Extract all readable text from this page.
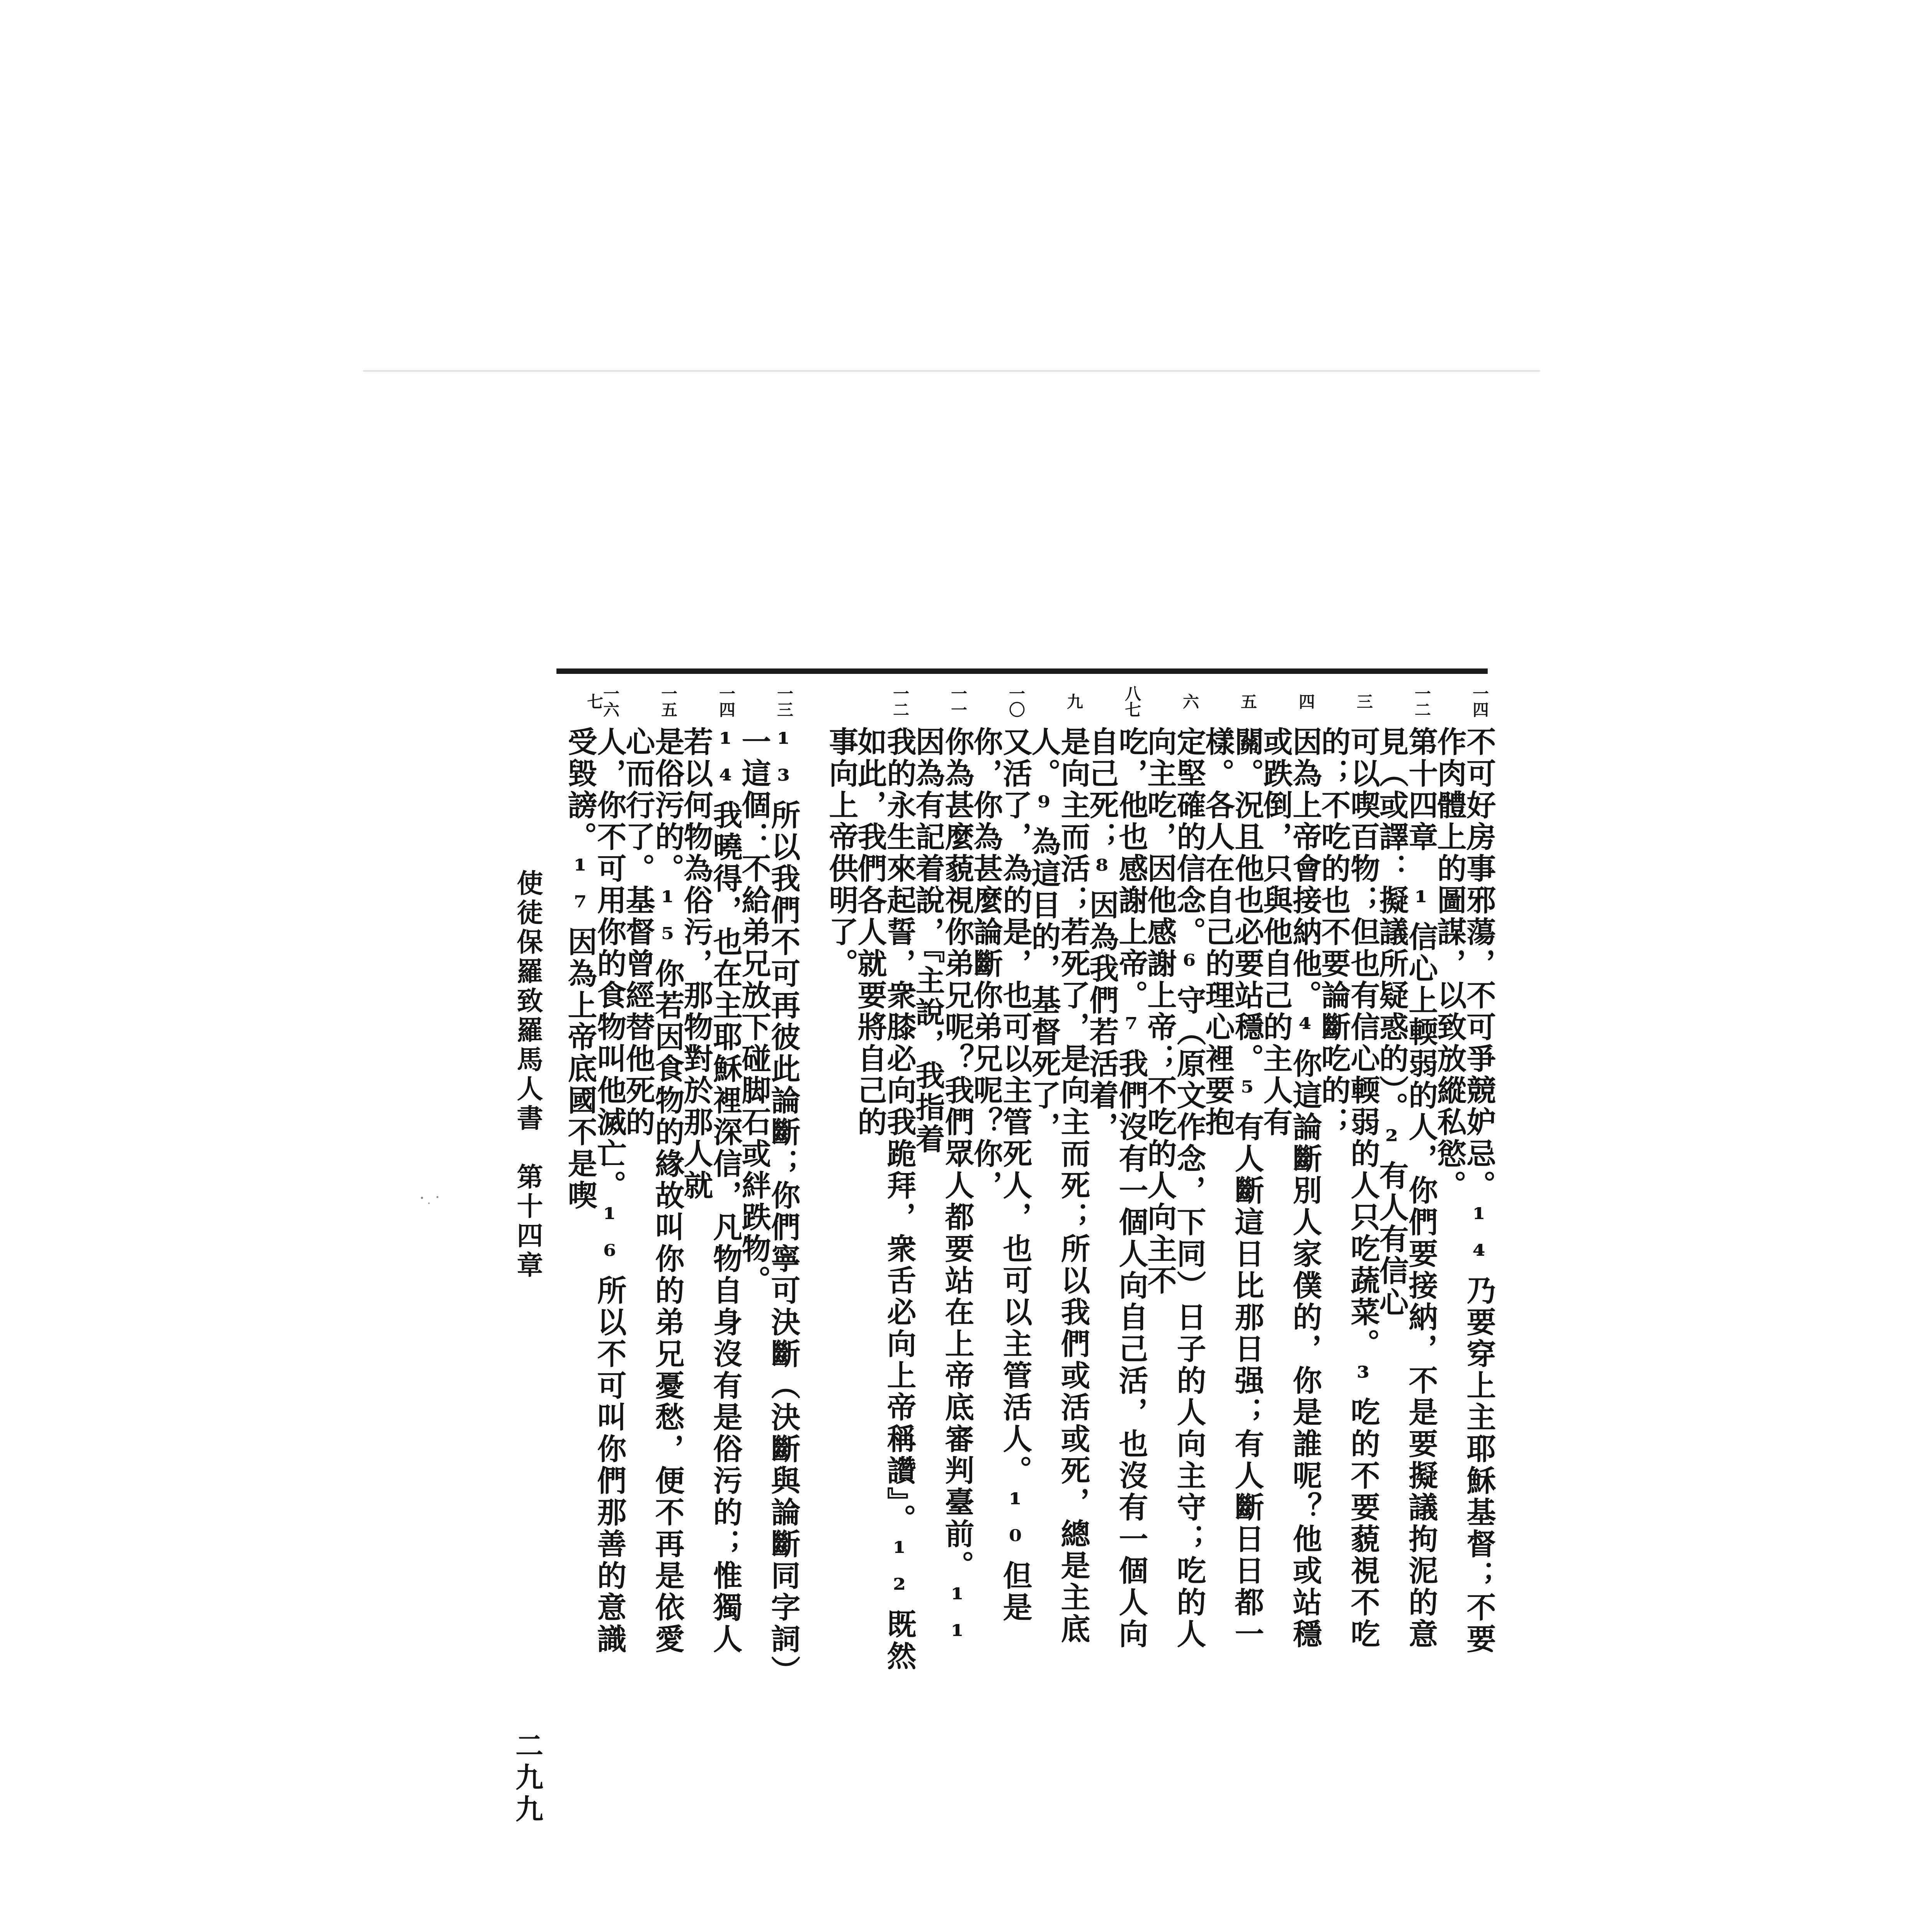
一四
不可好房事邪蕩，不可爭競妒忌。¹⁴乃要穿上主耶穌基督；不要作肉體上的圖謀，以致放縱私慾。
一二
第十四章　¹信心上輭弱的人，你們要接納，不是要擬議拘泥的意見（或譯：擬議所疑惑的）。²有人有信心
三
可以喫百物；但也有信心輭弱的人只吃蔬菜。³吃的不要藐視不吃的；不吃的也不要論斷吃的；
四
因為上帝會接納他。⁴你這論斷別人家僕的，你是誰呢？他或站穩或跌倒，只與他自己的主人有
五
關。況且他也必要站穩。⁵有人斷這日比那日强；有人斷日日都一樣。各人在自己的理心裡要抱
六
定堅確的信念。⁶守（原文作念，下同）日子的人向主守；吃的人向主吃，因他感謝上帝；不吃的人向主不
八七
吃，他也感謝上帝。⁷我們沒有一個人向自己活，也沒有一個人向自己死；⁸因為我們若活着，
九
是向主而活；若死了，是向主而死；所以我們或活或死，總是主底人。⁹為這目的，基督死了，
一〇
又活了，為的是，也可以主管死人，也可以主管活人。¹⁰但是你，你為甚麼論斷你弟兄呢？你，
一一
你為甚麼藐視你弟兄呢？我們眾人都要站在上帝底審判臺前。¹¹因為有記着說，『主說，我指着
一二
我的永生來起誓，衆膝必向我跪拜，衆舌必向上帝稱讚』。¹²既然如此，我們各人就要將自己的
事向上帝供明了。
一三
¹³所以我們不可再彼此論斷；你們寧可決斷（決斷與論斷同字詞）一這個：不給弟兄放下碰脚石或絆跌物。
一四
¹⁴我曉得，也在主耶穌裡深信，凡物自身沒有是俗污的；惟獨人若以何物為俗污，那物對於那人就
一五
是俗污的。¹⁵你若因食物的緣故叫你的弟兄憂愁，便不再是依愛心而行了。基督曾經替他死的
一六七
人，你不可用你的食物叫他滅亡。¹⁶所以不可叫你們那善的意識受毀謗。¹⁷因為上帝底國不是喫
使徒保羅致羅馬人書　第十四章
二九九
